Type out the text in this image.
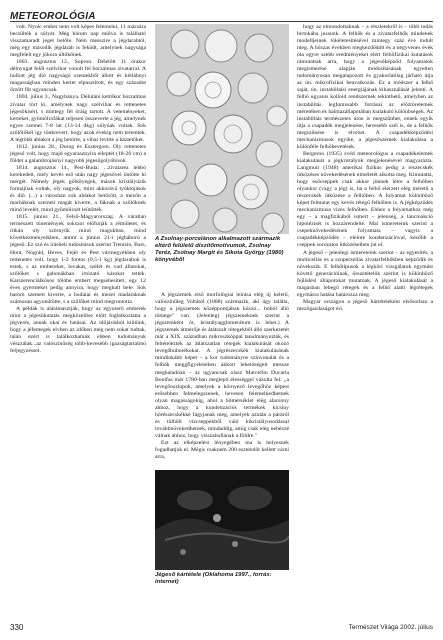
METEOROLÓGIA

volt. Nyolc ember nem volt képes felemelni, 11 mázsára becsülték a súlyát. Még három nap múlva is található visszamaradt jeget belőle. Nem messzire a jégdarabtól, még egy második jégdarab is feküdt, amelynek nagysága megfelelt egy jókora ültőkőnek.

1803. augusztus 12., Sopron. Délelőtt 11 órakor délnyugat felől szélvihar vonult fel borzalmas zivatarral. A hullott jég dió nagyságú szemekből állott és kétlábnyi magasságban minden kertet elpusztított, és egy századot őrzött fűt ugyancsak.

1804. július 3., Nagybánya. Délutáni kettőkor borzalmas zivatar tört ki, amelynek nagy szélvihar és rettenetes jégesőkísért, s mintegy fél óráig tartott. A veteményeket, kerteket, gyümölcsfákat teljesen összeverte a jég, amelynek egyes szemei 7-8 lat (13-14 dkg) súlyúak voltak. Sok szőlőtőkét így tönkrevert, hogy azok évekig nem teremtek. A legtöbb ablakot a jég betörte, a vihar levitte a háztetőket.

1812. június 28., Dorog és Esztergom. Oly rettenetes jégeső volt, hogy majd egyarasznyira elleptét (18-20 cm) a főldet a galambtojásnyi nagyobb jégesőgolyóbisok.

1814. augusztus 14., Pest-Buda: ...zivatarea lebbó kerekedett, mely kevés eső után nagy jégesővel öntötte ki mérgét. Némely jégek göbölyegek, mások kristályüzik formájúak voltak, oly nagyok, mint akkorává tyúktojások és dió. (...) a városban sok ablakot betörött, a mezőn a marháknak szemeit magát kiverte, a fáknak a szőlőknek mind levelét, mind gyümölcsét leütötték.

1815. június 21., Felső-Magyarország. A váratlan természeti tünemények sokszor előfutják a rémületet, és ritkán oly szörnyűk mind magukban, mind következményeikben, amint a június 21-i jégháború a jégeső. Ez szó és írásbeli tudósítások szerint Trentsin, Bars, Hont, Nógrád, Heves, Fejér és Pest vármegyékben oly rettenetes volt, hogy 1-2 fontos (0,5-1 kg) jégdarabok is estek, s az embereket, lovakat, szélét és vad állatokat, szőlőket s gabonákban irtózató károkat tettek. Karszerenciálkósos tőlóbe embert megsebesített, egy 12 éves gyermeket pedig annyira, hogy meghalt bele. Sok barom szemeit kiverte, a hudaiai és mezei madaraknak számosan agyonütötte, s a szőlőket mind megrontotta.

A példák is alátámasztják, hogy az egyszerű emberek mint a jégesőkutatás megközelítse előtt foglalkoztatta a jégverés, annak okai és hatásai. Az időjárásból kiütünk, hogy a jéfemegek elvben az időben még nem sokat tudtak, talán ezért is találkozhatunk ebben tudományuk vészzálak...az valószínűség tóbb-kevesebb igazságtartalmú feljegyzéssel.

A Zsolnay-porcelánon alkalmazott származik eltérő felületű díszítőmotívumok, Zsolnay Teréz, Zsolnay Margit és Sikota György (1980) könyvéből

A jégszemek első morfológiai leírása elég új keletű, valószínűleg Voltától (1808) származik, aki úgy találta, hogy a jégszemek középpontjában kúszó... hóból álló tömege" van. (Jelenleg) jégszemeknek szerint a jégszemként ór, kristályagglomerátum is lehet.) A jégszemek átmérője és átátszalt rétegekből álló szerkezetét már a XIX. században mikroszkóppal tanulmányozták, és feltételezték az átlátszatlan rétegek kialakulását okozó levegőbuborékokat. A jégrészecskék kialakulásának mindinkább képet – a kor tudományos színvonalát és a felhők meggfigyelésében akkori lehetőségeit messze meghaladóan – az ugyancsak olasz Marcellin Ducarla Bonifas már 1780-ban meglepő élességgel vázolta fel: ,,a levegőoszlopok, amelyek a környező levegőhöz képest erősebben felmelegszenek, hevesen felemelkedhetnek olyan magasságokig, ahol a hőmérséklet elég alacsony ahhoz, hogy a kondenzációs termékek kicsiny hórészecskékké fagyjanak meg, amelyek azután a páráról és túlhűlt vízcseppekből való kikristályosodással továbbnövekedhetnek, mindaddig, amíg csak elég nehézzé válnak ahhoz, hogy visszahullanak a földre."

Ezt az elképzelést lényegében ma is helyesnek fogadhatjuk el. Mégis csaknem 200 esztendőt kellett várni arra,

Jégeső kártétele (Oklahoma 1997., forrás: internet)

hogy az elmondottaknak – a részletekről is – több tudás birtokába jussunk. A felhők és a zivatarfelhők mindenek modelljeinek tökéletesítésével mintegy száz éve indult meg. A húszas években megkezdődött és a negyvenes évek óta egyre szebb eredményeket elért felhőfizikai kutatások rámutattak arra, hogy a jégesőképződ folyamatok megismerése alapján módosításának egyetlen tudományosan megalapozott és gyakorlatilag járható útja az ún. mikrofizikai beavatkozás. Ez a módszer a felhő saját, ún. instabilitási energiájának kihasználását jelenti. A felhő ugyanis kolloid rendszernek tekinthető, amelyben az instabilitás legfontosabb forrásai az előztörelemek méretében és halmazállapotában kialakuló különbségek. Az instabilitás természetes úton is megszűnhet, ennek egyik útja a csapadék megjelenése, hevesebb szél is, de a felhők megszűnése is elvezet. A csapadékképződési mechanizmusok egyike, a jégesőszemek kialakulása a különféle felhőbevetések.

Bergeron (1935) svéd meteorológus a csapadékelemek kialakulását a jégkristályok megjelenésével magyarázta. Langmuir (1948) amerikai fizikus pedig a részecskék ütközéses növekedésének elméletét alkotta meg. Kimutatta, hogy esőcseppek csak akkor jönnek létre a felhőben olyankor (vagy a jég) is, ha a felhő elérzett elég méretű a részecskék ütközése a felhőben. A folyamat különböző képet felmutat egy kevés rétegű felhőben is. A jégképződés mechanizmusa vizes felhőben. Ehhez a folyamathoz még egy – a magfizikából ismert – jelenség, a láncreakció hipotézisét is hozzárendelte. Mai ismereteink szerint a csepeknövekedésének folyamata – vagyis a csapadékképződés – eleinte kondenzációval, később a cseppek sorozatos ütközéseiben jut el.

A jégeső – jelenlegi ismereteink szerint – az egyesítés, a multicellás és a szuperzellás zivatarfelhőkben képződik és növekszik. E felhőtípusok a légköri vizsgálatok egymást követő generációinak, összetételük szerint is különböző fejlődési állapotokat mutatnak. A jégeső kialakulását a magasban lebegő rétegek és a felhő alatti légrétegek egymásra hatása határozza meg.

Magyar országon a jégeső kártételeként elsősorban a mezőgazdaságot éri.

330	Természet Világa 2002. július
